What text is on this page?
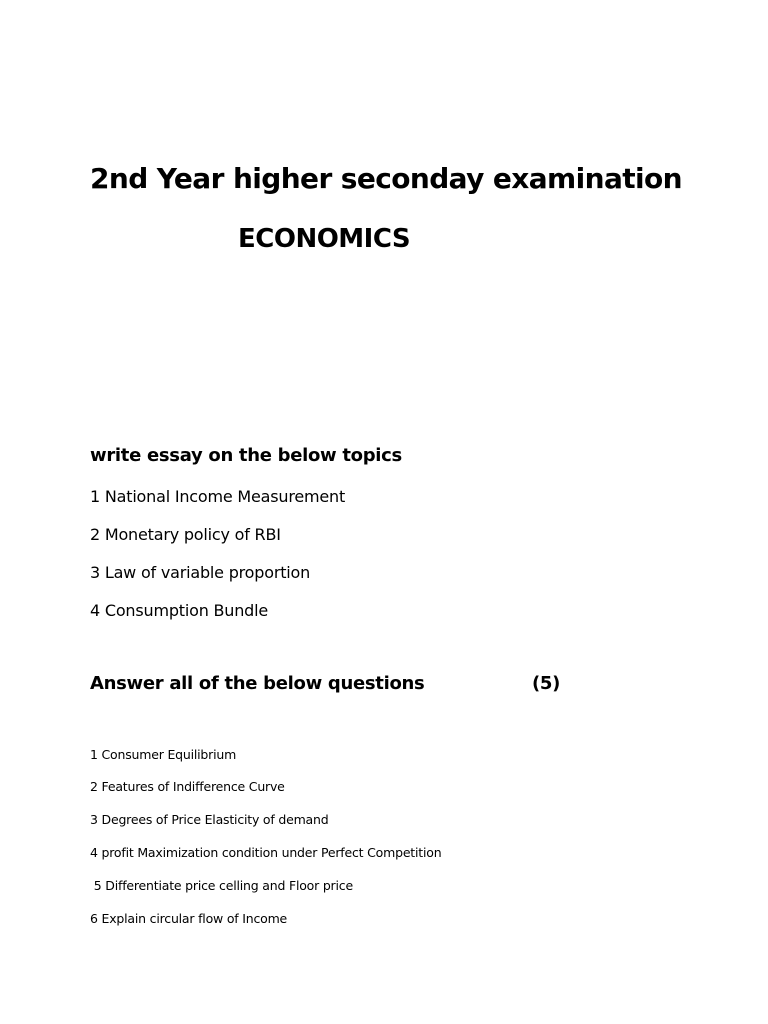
2nd Year higher seconday examination
ECONOMICS
write essay on the below topics
1 National Income Measurement
2 Monetary policy of RBI
3 Law of variable proportion
4 Consumption Bundle
Answer all of the below questions	(5)
1 Consumer Equilibrium
2 Features of Indifference Curve
3 Degrees of Price Elasticity of demand
4 profit Maximization condition under Perfect Competition
5 Differentiate price celling and Floor price
6 Explain circular flow of Income
